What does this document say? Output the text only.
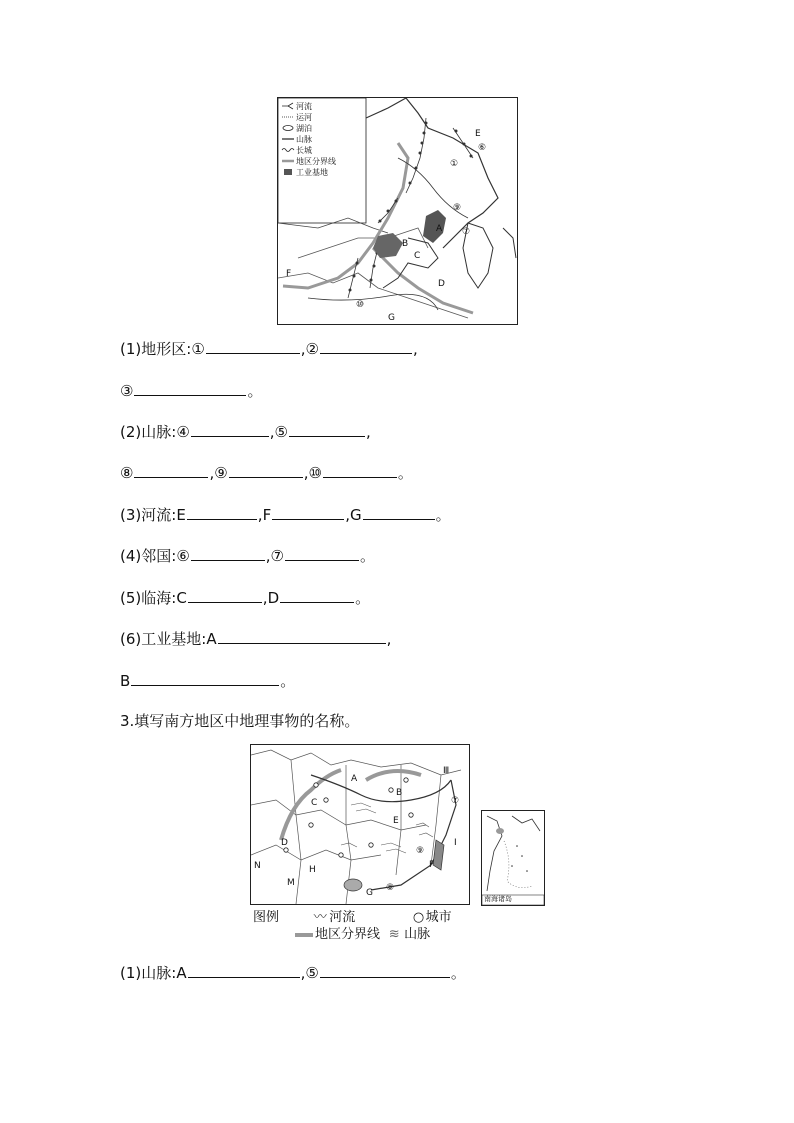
⑥
E
①
⑨
⑦
A
B
C
D
F
G
⑩
河流
运河
湖泊
山脉
长城
地区分界线
工业基地
(1)地形区:①	,②	,
③	。
(2)山脉:④	,⑤	,
⑧	,⑨	,⑩	。
(3)河流:E	,F	,G	。
(4)邻国:⑥	,⑦	。
(5)临海:C	,D	。
(6)工业基地:A	,
B	。
3.填写南方地区中地理事物的名称。
A
C
B
Ⅲ
⑦
E
D
N	H
M
G ⑧
F
⑨
I
南海诸岛
图例	〰 河流	○城市
地区分界线 ≋ 山脉
(1)山脉:A	,⑤	。
